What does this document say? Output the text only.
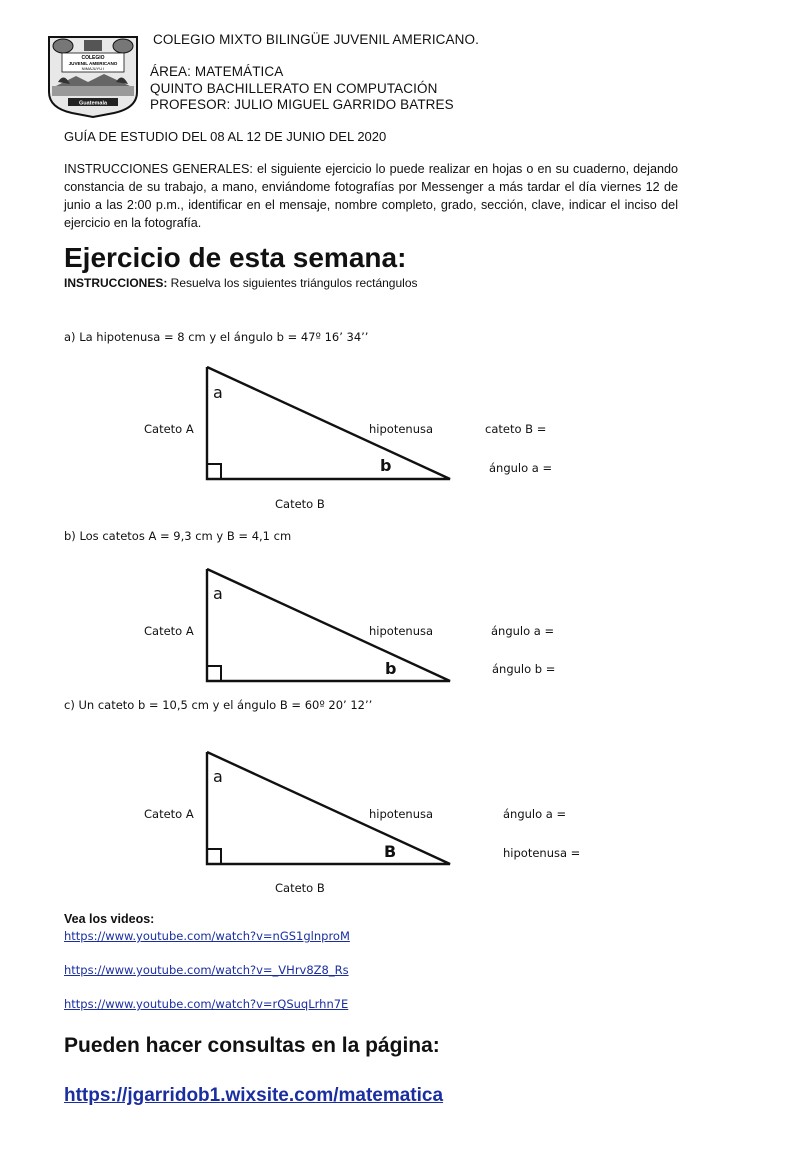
COLEGIO
JUVENIL AMERICANO
NIMAJUYU I
Guatemala
COLEGIO MIXTO BILINGÜE JUVENIL AMERICANO.
ÁREA: MATEMÁTICA
QUINTO BACHILLERATO EN COMPUTACIÓN
PROFESOR: JULIO MIGUEL GARRIDO BATRES
GUÍA DE ESTUDIO DEL 08 AL 12 DE JUNIO DEL 2020
INSTRUCCIONES GENERALES: el siguiente ejercicio lo puede realizar en hojas o en su cuaderno, dejando constancia de su trabajo, a mano, enviándome fotografías por Messenger a más tardar el día viernes 12 de junio a las 2:00 p.m., identificar en el mensaje, nombre completo, grado, sección, clave, indicar el inciso del ejercicio en la fotografía.
Ejercicio de esta semana:
INSTRUCCIONES: Resuelva los siguientes triángulos rectángulos
a) La hipotenusa = 8 cm y el ángulo b = 47º 16’ 34’’
a
b
Cateto A	hipotenusa
Cateto B
cateto B =
ángulo a =
b) Los catetos A = 9,3 cm y B = 4,1 cm
a
b
Cateto A	hipotenusa	ángulo a =
ángulo b =
c) Un cateto b = 10,5 cm y el ángulo B = 60º 20’ 12’’
a
B
Cateto A	hipotenusa
Cateto B
ángulo a =
hipotenusa =
Vea los videos:
https://www.youtube.com/watch?v=nGS1glnproM
https://www.youtube.com/watch?v=_VHrv8Z8_Rs
https://www.youtube.com/watch?v=rQSuqLrhn7E
Pueden hacer consultas en la página:
https://jgarridob1.wixsite.com/matematica
